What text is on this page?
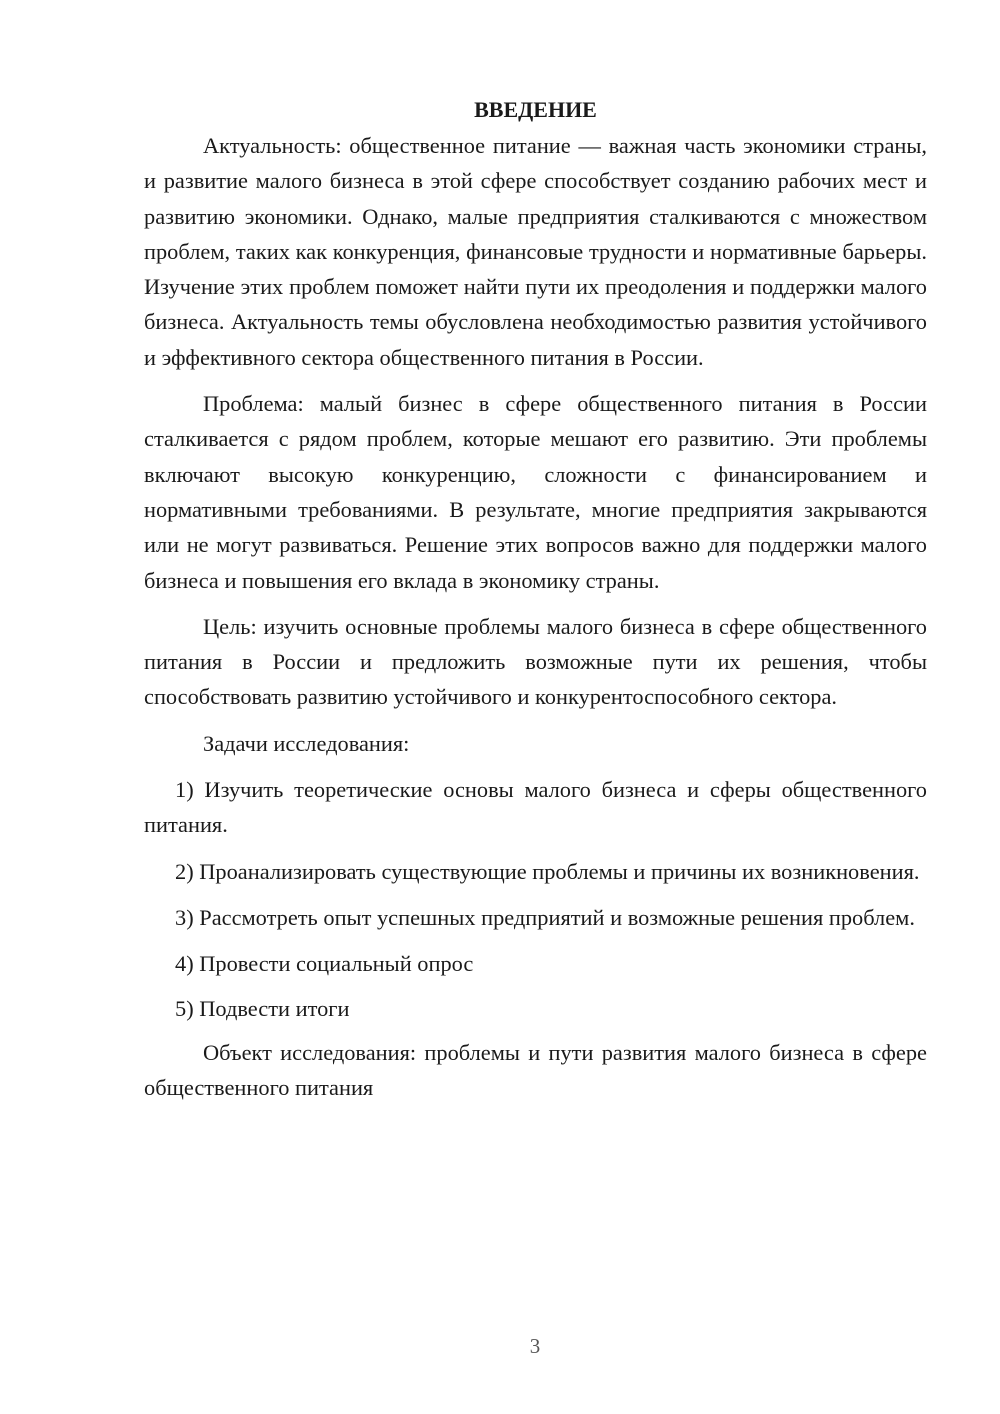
ВВЕДЕНИЕ

Актуальность: общественное питание — важная часть экономики страны, и развитие малого бизнеса в этой сфере способствует созданию рабочих мест и развитию экономики. Однако, малые предприятия сталкиваются с множеством проблем, таких как конкуренция, финансовые трудности и нормативные барьеры. Изучение этих проблем поможет найти пути их преодоления и поддержки малого бизнеса. Актуальность темы обусловлена необходимостью развития устойчивого и эффективного сектора общественного питания в России.

Проблема: малый бизнес в сфере общественного питания в России сталкивается с рядом проблем, которые мешают его развитию. Эти проблемы включают высокую конкуренцию, сложности с финансированием и нормативными требованиями. В результате, многие предприятия закрываются или не могут развиваться. Решение этих вопросов важно для поддержки малого бизнеса и повышения его вклада в экономику страны.

Цель: изучить основные проблемы малого бизнеса в сфере общественного питания в России и предложить возможные пути их решения, чтобы способствовать развитию устойчивого и конкурентоспособного сектора.

Задачи исследования:

1) Изучить теоретические основы малого бизнеса и сферы общественного питания.

2) Проанализировать существующие проблемы и причины их возникновения.

3) Рассмотреть опыт успешных предприятий и возможные решения проблем.

4) Провести социальный опрос

5) Подвести итоги

Объект исследования: проблемы и пути развития малого бизнеса в сфере общественного питания

3
